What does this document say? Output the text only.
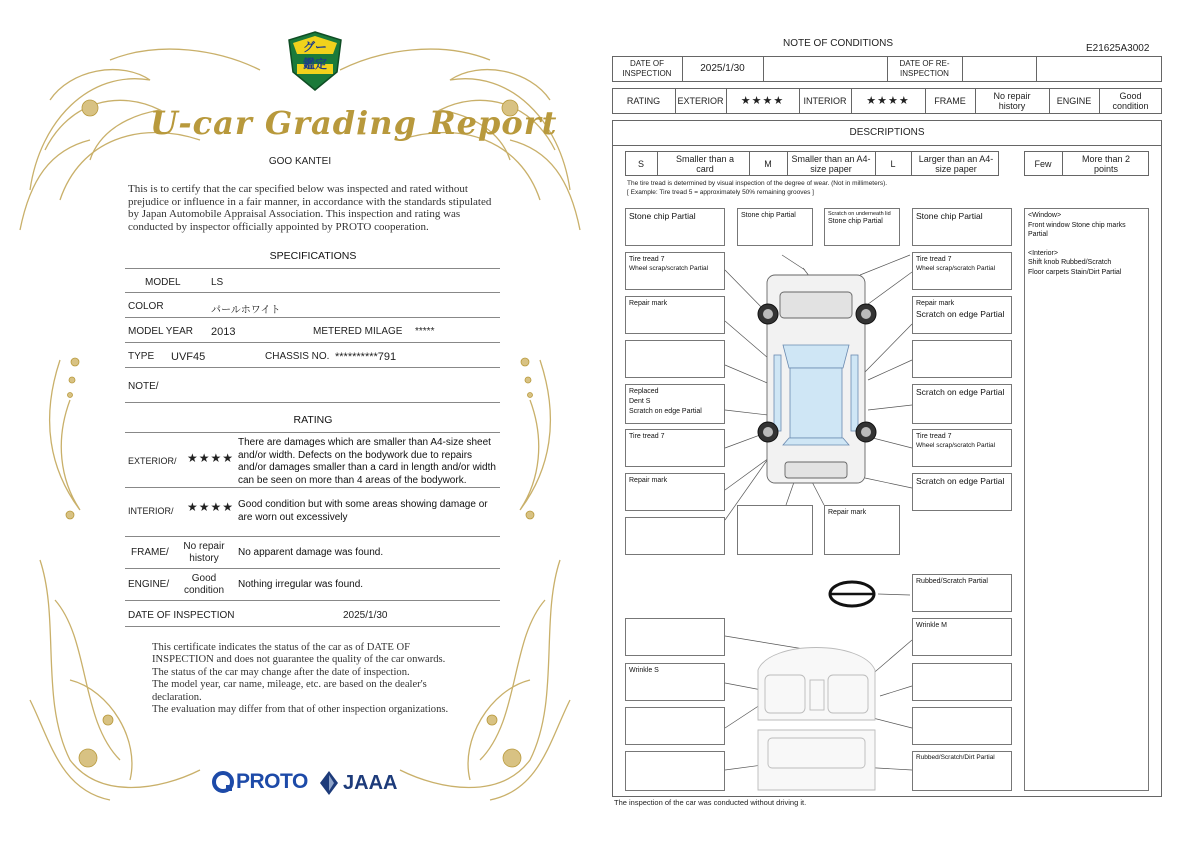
グー鑑定
U-car Grading Report
GOO KANTEI
This is to certify that the car specified below was inspected and rated without prejudice or influence in a fair manner, in accordance with the standards stipulated by Japan Automobile Appraisal Association. This inspection and rating was conducted by inspector officially appointed by PROTO cooperation.
SPECIFICATIONS
MODEL	LS
COLOR	パールホワイト
MODEL YEAR 2013	METERED MILAGE *****
TYPE UVF45	CHASSIS NO. **********791
NOTE/
RATING
EXTERIOR/ ★★★★
There are damages which are smaller than A4-size sheet and/or width. Defects on the bodywork due to repairs and/or damages smaller than a card in length and/or width can be seen on more than 4 areas of the bodywork.
INTERIOR/ ★★★★ Good condition but with some areas showing damage or are worn out excessively
FRAME/
No repair history
No apparent damage was found.
ENGINE/
Good condition
Nothing irregular was found.
DATE OF INSPECTION	2025/1/30
This certificate indicates the status of the car as of DATE OF
INSPECTION and does not guarantee the quality of the car onwards.
The status of the car may change after the date of inspection.
The model year, car name, mileage, etc. are based on the dealer's
declaration.
The evaluation may differ from that of other inspection organizations.
PROTO JAAA
NOTE OF CONDITIONS	E21625A3002
DATE OF INSPECTION	2025/1/30	DATE OF RE-INSPECTION
RATING	EXTERIOR	★★★★	INTERIOR	★★★★	FRAME	No repair history	ENGINE	Good condition
DESCRIPTIONS
S	Smaller than a card	M	Smaller than an A4-size paper	L	Larger than an A4-size paper	Few	More than 2 points
The tire tread is determined by visual inspection of the degree of wear. (Not in millimeters).
[ Example: Tire tread 5 = approximately 50% remaining grooves ]
Stone chip Partial
Tire tread 7
Wheel scrap/scratch Partial
Repair mark
Replaced
Dent S
Scratch on edge Partial
Tire tread 7
Repair mark
Stone chip Partial	Scratch on underneath lid
Stone chip Partial
Stone chip Partial
Tire tread 7
Wheel scrap/scratch Partial
Repair mark
Scratch on edge Partial
Scratch on edge Partial
Tire tread 7
Wheel scrap/scratch Partial
Scratch on edge Partial
Repair mark
Wrinkle S
Rubbed/Scratch Partial
Wrinkle M
Rubbed/Scratch/Dirt Partial
<Window>
Front window Stone chip marks Partial
<Interior>
Shift knob Rubbed/Scratch
Floor carpets Stain/Dirt Partial
The inspection of the car was conducted without driving it.
